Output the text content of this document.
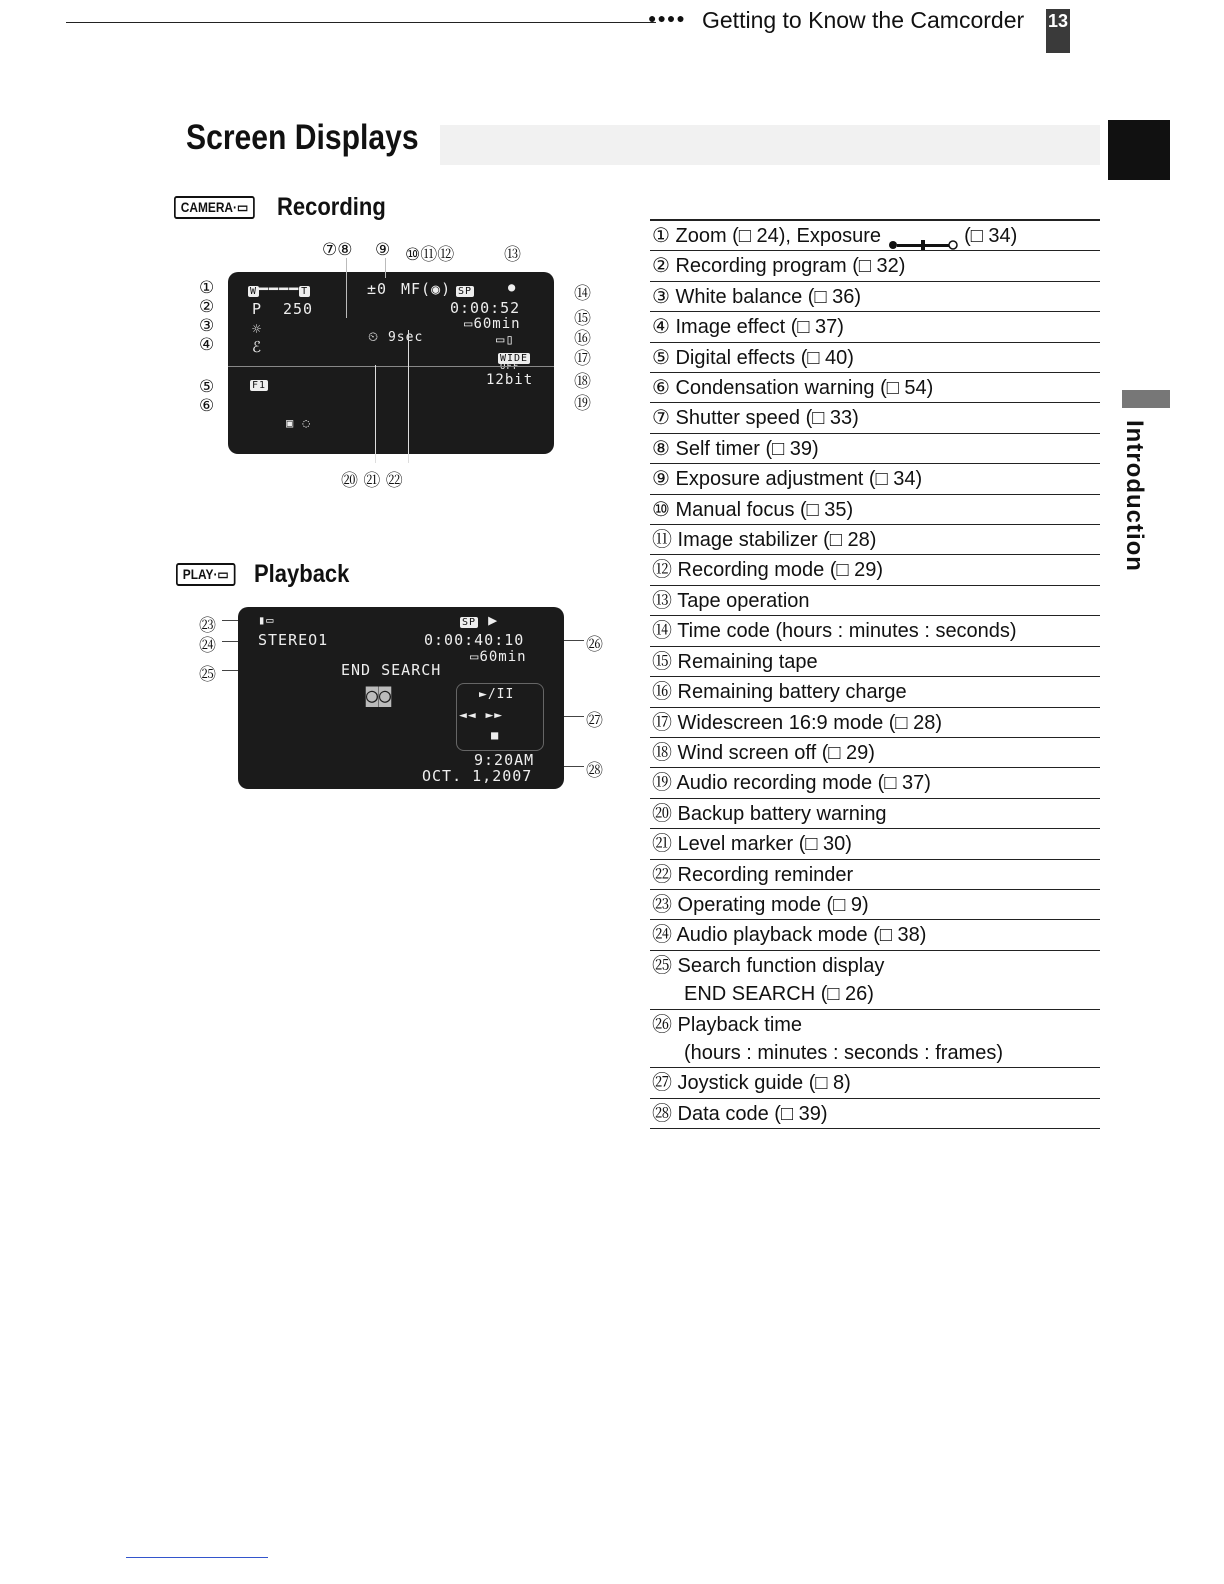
●●●● Getting to Know the Camcorder 13
Introduction
Screen Displays
CAMERA·▭ Recording
⑦⑧ ⑨ ⑩⑪⑫	⑬
①
②
③
④
⑤
⑥
⑭
⑮
⑯
⑰
⑱
⑲
W ━━━━ T
P 250
☼
ℰ
±0 MF(◉) SP	●
0:00:52
▭60min
▭▯
⏲ 9sec
WIDE
OFF
12bit
F1
▣ ◌
⑳ ㉑ ㉒
PLAY·▭ Playback
㉓
㉔
㉕
㉖
㉗
㉘
▮▭	SP ▶
STEREO1	0:00:40:10
▭60min
END SEARCH
◙◙	►/II
◄◄ ►►
■
9:20AM
OCT. 1,2007
① Zoom (□ 24), Exposure	(□ 34)
② Recording program (□ 32)
③ White balance (□ 36)
④ Image effect (□ 37)
⑤ Digital effects (□ 40)
⑥ Condensation warning (□ 54)
⑦ Shutter speed (□ 33)
⑧ Self timer (□ 39)
⑨ Exposure adjustment (□ 34)
⑩ Manual focus (□ 35)
⑪ Image stabilizer (□ 28)
⑫ Recording mode (□ 29)
⑬ Tape operation
⑭ Time code (hours : minutes : seconds)
⑮ Remaining tape
⑯ Remaining battery charge
⑰ Widescreen 16:9 mode (□ 28)
⑱ Wind screen off (□ 29)
⑲ Audio recording mode (□ 37)
⑳ Backup battery warning
㉑ Level marker (□ 30)
㉒ Recording reminder
㉓ Operating mode (□ 9)
㉔ Audio playback mode (□ 38)
㉕ Search function display
END SEARCH (□ 26)
㉖ Playback time
(hours : minutes : seconds : frames)
㉗ Joystick guide (□ 8)
㉘ Data code (□ 39)
